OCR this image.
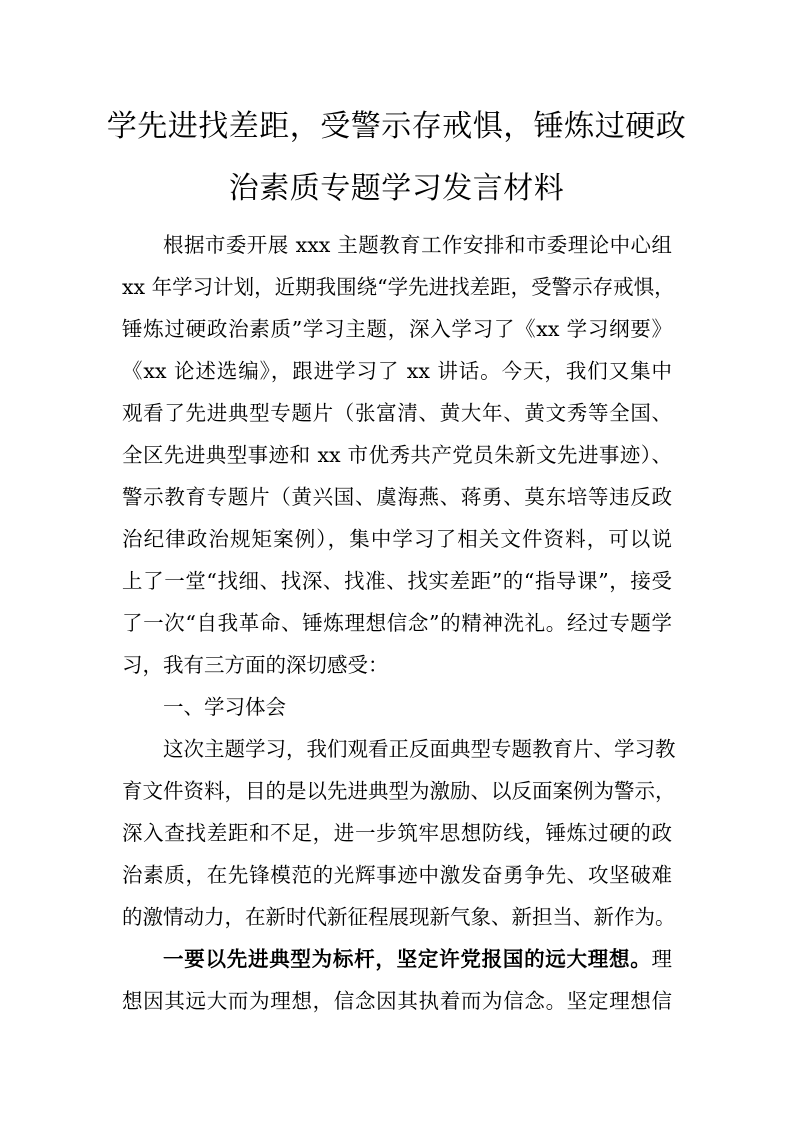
学先进找差距，受警示存戒惧，锤炼过硬政
治素质专题学习发言材料
根据市委开展 xxx 主题教育工作安排和市委理论中心组
xx 年学习计划，近期我围绕“学先进找差距，受警示存戒惧，
锤炼过硬政治素质”学习主题，深入学习了《xx 学习纲要》
《xx 论述选编》，跟进学习了 xx 讲话。今天，我们又集中
观看了先进典型专题片（张富清、黄大年、黄文秀等全国、
全区先进典型事迹和 xx 市优秀共产党员朱新文先进事迹）、
警示教育专题片（黄兴国、虞海燕、蒋勇、莫东培等违反政
治纪律政治规矩案例），集中学习了相关文件资料，可以说
上了一堂“找细、找深、找准、找实差距”的“指导课”，接受
了一次“自我革命、锤炼理想信念”的精神洗礼。经过专题学
习，我有三方面的深切感受：
一、学习体会
这次主题学习，我们观看正反面典型专题教育片、学习教
育文件资料，目的是以先进典型为激励、以反面案例为警示，
深入查找差距和不足，进一步筑牢思想防线，锤炼过硬的政
治素质，在先锋模范的光辉事迹中激发奋勇争先、攻坚破难
的激情动力，在新时代新征程展现新气象、新担当、新作为。
一要以先进典型为标杆，坚定许党报国的远大理想。理
想因其远大而为理想，信念因其执着而为信念。坚定理想信
